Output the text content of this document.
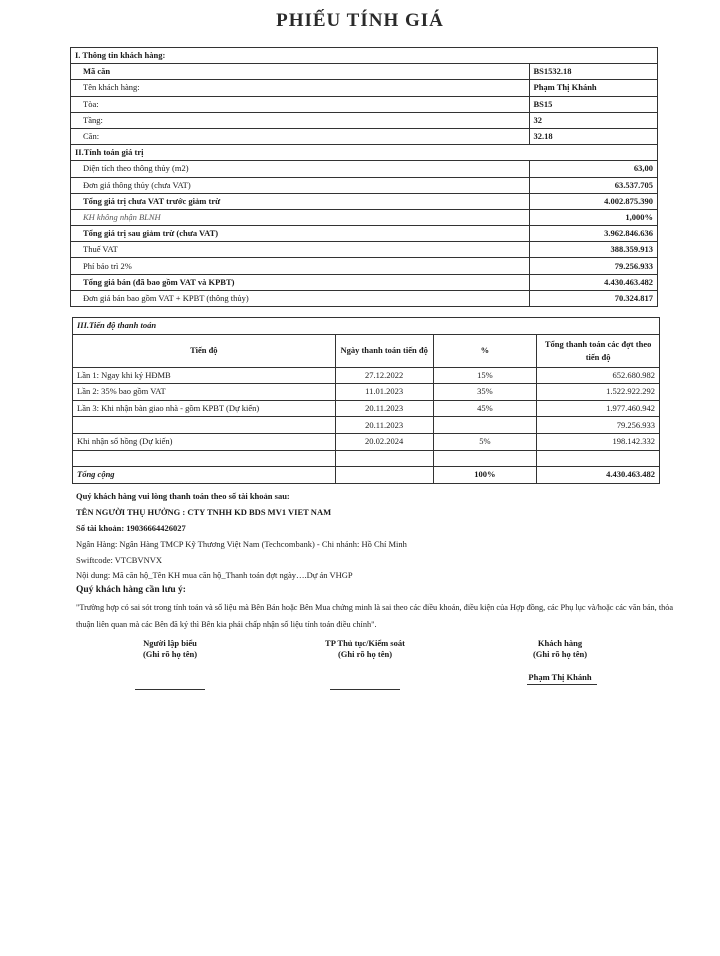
PHIẾU TÍNH GIÁ
I. Thông tin khách hàng:	
Mã căn	BS1532.18
Tên khách hàng:	Phạm Thị Khánh
Tòa:	BS15
Tầng:	32
Căn:	32.18
II.Tính toán giá trị	
Diện tích theo thông thủy (m2)	63,00
Đơn giá thông thủy (chưa VAT)	63.537.705
Tổng giá trị chưa VAT trước giảm trừ	4.002.875.390
KH không nhận BLNH	1,000%
Tổng giá trị sau giảm trừ (chưa VAT)	3.962.846.636
Thuế VAT	388.359.913
Phí bảo trì 2%	79.256.933
Tổng giá bán (đã bao gồm VAT và KPBT)	4.430.463.482
Đơn giá bán bao gồm VAT + KPBT (thông thủy)	70.324.817
III.Tiến độ thanh toán			
Tiến độ	Ngày thanh toán tiến độ	%	Tổng thanh toán các đợt theo tiến độ
Lần 1: Ngay khi ký HĐMB	27.12.2022	15%	652.680.982
Lần 2: 35% bao gồm VAT	11.01.2023	35%	1.522.922.292
Lần 3: Khi nhận bàn giao nhà - gồm KPBT (Dự kiến)	20.11.2023	45%	1.977.460.942
	20.11.2023		79.256.933
Khi nhận sổ hồng (Dự kiến)	20.02.2024	5%	198.142.332

Tổng cộng		100%	4.430.463.482
Quý khách hàng vui lòng thanh toán theo số tài khoản sau:
TÊN NGƯỜI THỤ HƯỞNG : CTY TNHH KD BDS MV1 VIET NAM
Số tài khoản: 19036664426027
Ngân Hàng: Ngân Hàng TMCP Kỹ Thương Việt Nam (Techcombank) - Chi nhánh: Hồ Chí Minh
Swiftcode: VTCBVNVX
Nội dung: Mã căn hộ_Tên KH mua căn hộ_Thanh toán đợt ngày….Dự án VHGP
Quý khách hàng cần lưu ý:
"Trường hợp có sai sót trong tính toán và số liệu mà Bên Bán hoặc Bên Mua chứng minh là sai theo các điều khoản, điều kiện của Hợp đồng, các Phụ lục và/hoặc các văn bản, thỏa thuận liên quan mà các Bên đã ký thì Bên kia phải chấp nhận số liệu tính toán điều chỉnh".
Người lập biểu
(Ghi rõ họ tên)
TP Thủ tục/Kiểm soát
(Ghi rõ họ tên)
Khách hàng
(Ghi rõ họ tên)
Phạm Thị Khánh
